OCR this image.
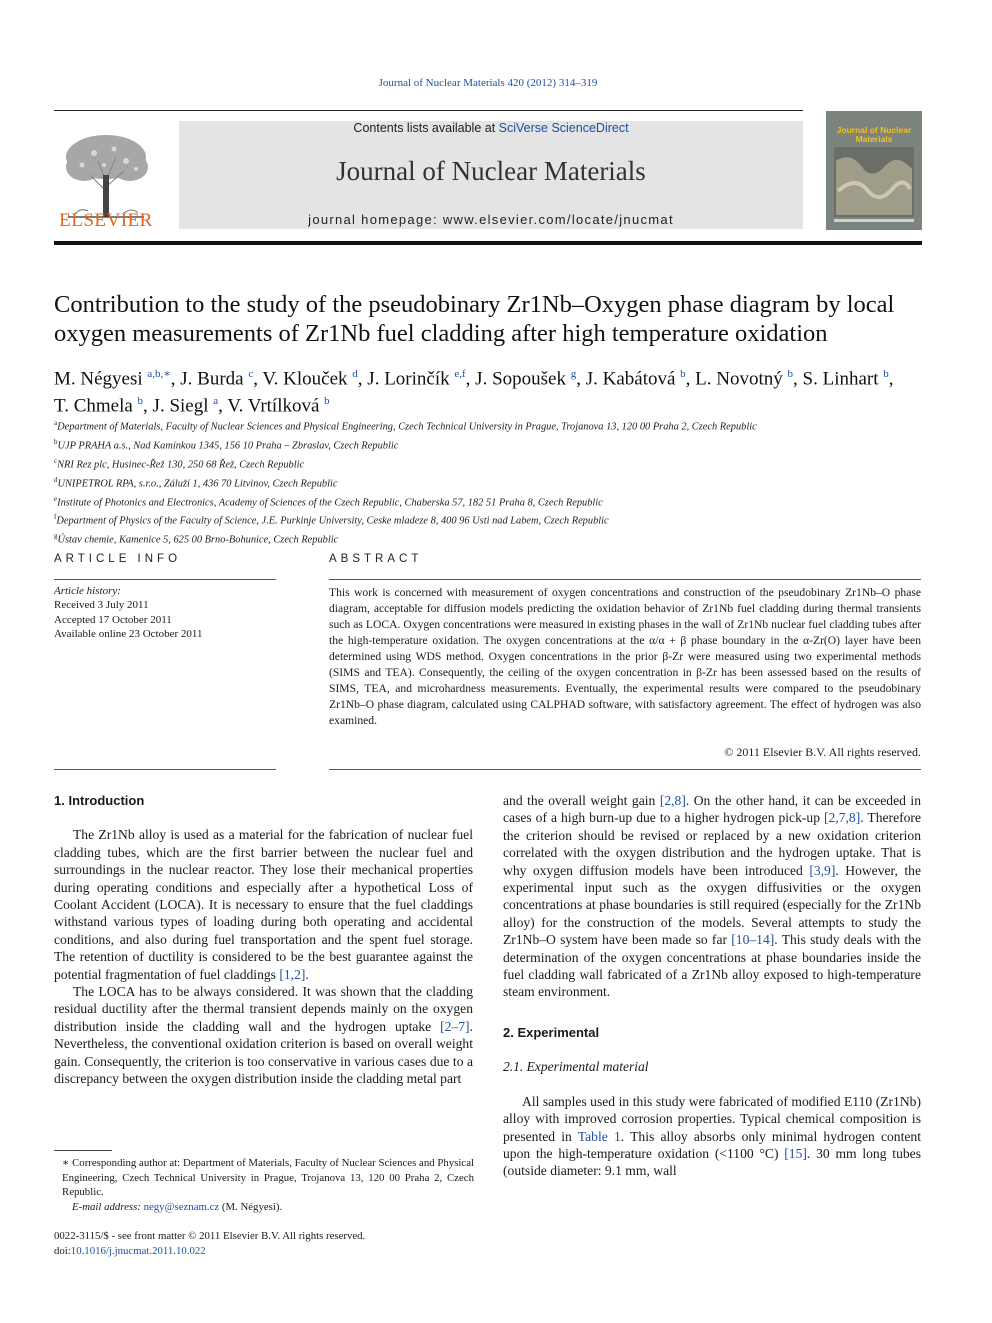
Journal of Nuclear Materials 420 (2012) 314–319
Contents lists available at SciVerse ScienceDirect
Journal of Nuclear Materials
journal homepage: www.elsevier.com/locate/jnucmat
ELSEVIER
Journal of Nuclear Materials
Contribution to the study of the pseudobinary Zr1Nb–Oxygen phase diagram by local oxygen measurements of Zr1Nb fuel cladding after high temperature oxidation
M. Négyesi $^{a,b,∗}$, J. Burda $^c$, V. Klouček $^d$, J. Lorinčík $^{e,f}$, J. Sopoušek $^g$, J. Kabátová $^b$, L. Novotný $^b$, S. Linhart $^b$,
T. Chmela $^b$, J. Siegl $^a$, V. Vrtílková $^b$
$^a$Department of Materials, Faculty of Nuclear Sciences and Physical Engineering, Czech Technical University in Prague, Trojanova 13, 120 00 Praha 2, Czech Republic
$^b$UJP PRAHA a.s., Nad Kamínkou 1345, 156 10 Praha – Zbraslav, Czech Republic
$^c$NRI Rez plc, Husinec-Řež 130, 250 68 Řež, Czech Republic
$^d$UNIPETROL RPA, s.r.o., Záluží 1, 436 70 Litvinov, Czech Republic
$^e$Institute of Photonics and Electronics, Academy of Sciences of the Czech Republic, Chaberska 57, 182 51 Praha 8, Czech Republic
$^f$Department of Physics of the Faculty of Science, J.E. Purkinje University, Ceske mladeze 8, 400 96 Usti nad Labem, Czech Republic
$^g$Ústav chemie, Kamenice 5, 625 00 Brno-Bohunice, Czech Republic
ARTICLE INFO
Article history:
Received 3 July 2011
Accepted 17 October 2011
Available online 23 October 2011
ABSTRACT
This work is concerned with measurement of oxygen concentrations and construction of the pseudobinary Zr1Nb–O phase diagram, acceptable for diffusion models predicting the oxidation behavior of Zr1Nb fuel cladding during thermal transients such as LOCA. Oxygen concentrations were measured in existing phases in the wall of Zr1Nb nuclear fuel cladding tubes after the high-temperature oxidation. The oxygen concentrations at the α/α + β phase boundary in the α-Zr(O) layer have been determined using WDS method. Oxygen concentrations in the prior β-Zr were measured using two experimental methods (SIMS and TEA). Consequently, the ceiling of the oxygen concentration in β-Zr has been assessed based on the results of SIMS, TEA, and microhardness measurements. Eventually, the experimental results were compared to the pseudobinary Zr1Nb–O phase diagram, calculated using CALPHAD software, with satisfactory agreement. The effect of hydrogen was also examined.
© 2011 Elsevier B.V. All rights reserved.
1. Introduction

The Zr1Nb alloy is used as a material for the fabrication of nuclear fuel cladding tubes, which are the first barrier between the nuclear fuel and surroundings in the nuclear reactor. They lose their mechanical properties during operating conditions and especially after a hypothetical Loss of Coolant Accident (LOCA). It is necessary to ensure that the fuel claddings withstand various types of loading during both operating and accidental conditions, and also during fuel transportation and the spent fuel storage. The retention of ductility is considered to be the best guarantee against the potential fragmentation of fuel claddings [1,2].

The LOCA has to be always considered. It was shown that the cladding residual ductility after the thermal transient depends mainly on the oxygen distribution inside the cladding wall and the hydrogen uptake [2–7]. Nevertheless, the conventional oxidation criterion is based on overall weight gain. Consequently, the criterion is too conservative in various cases due to a discrepancy between the oxygen distribution inside the cladding metal part

and the overall weight gain [2,8]. On the other hand, it can be exceeded in cases of a high burn-up due to a higher hydrogen pick-up [2,7,8]. Therefore the criterion should be revised or replaced by a new oxidation criterion correlated with the oxygen distribution and the hydrogen uptake. That is why oxygen diffusion models have been introduced [3,9]. However, the experimental input such as the oxygen diffusivities or the oxygen concentrations at phase boundaries is still required (especially for the Zr1Nb alloy) for the construction of the models. Several attempts to study the Zr1Nb–O system have been made so far [10–14]. This study deals with the determination of the oxygen concentrations at phase boundaries inside the fuel cladding wall fabricated of a Zr1Nb alloy exposed to high-temperature steam environment.

2. Experimental
2.1. Experimental material

All samples used in this study were fabricated of modified E110 (Zr1Nb) alloy with improved corrosion properties. Typical chemical composition is presented in Table 1. This alloy absorbs only minimal hydrogen content upon the high-temperature oxidation (<1100 °C) [15]. 30 mm long tubes (outside diameter: 9.1 mm, wall

∗ Corresponding author at: Department of Materials, Faculty of Nuclear Sciences and Physical Engineering, Czech Technical University in Prague, Trojanova 13, 120 00 Praha 2, Czech Republic.
E-mail address: negy@seznam.cz (M. Négyesi).
0022-3115/$ - see front matter © 2011 Elsevier B.V. All rights reserved.
doi:10.1016/j.jnucmat.2011.10.022
